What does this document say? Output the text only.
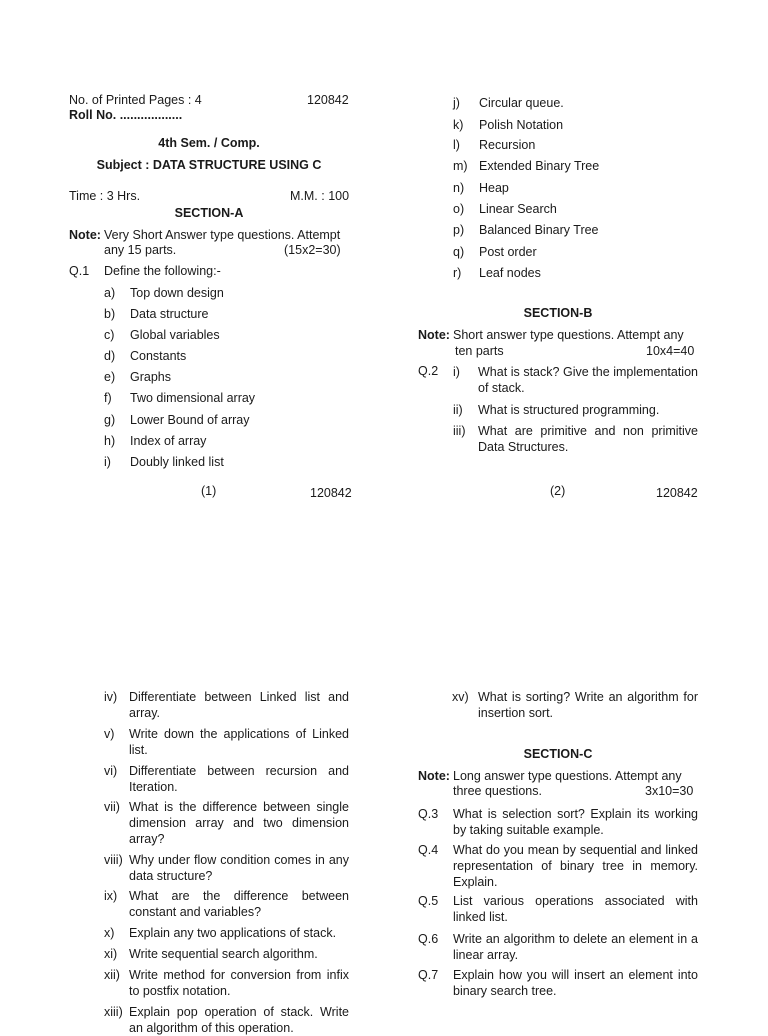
No. of Printed Pages : 4	120842
Roll No. ..................
4th Sem. / Comp.
Subject : DATA STRUCTURE USING C
Time : 3 Hrs.	M.M. : 100
SECTION-A
Note: Very Short Answer type questions. Attempt
any 15 parts.	(15x2=30)
Q.1 Define the following:-
a)	Top down design
b)	Data structure
c)	Global variables
d)	Constants
e)	Graphs
f)	Two dimensional array
g)	Lower Bound of array
h)	Index of array
i)	Doubly linked list
(1)	120842
j)	Circular queue.
k)	Polish Notation
l)	Recursion
m) Extended Binary Tree
n)	Heap
o)	Linear Search
p)	Balanced Binary Tree
q)	Post order
r)	Leaf nodes
SECTION-B
Note: Short answer type questions. Attempt any
ten parts	10x4=40
Q.2 i)	What is stack? Give the implementation of stack.
ii)	What is structured programming.
iii)	What are primitive and non primitive Data Structures.
(2)	120842
iv) Differentiate between Linked list and array.
v)	Write down the applications of Linked list.
vi) Differentiate between recursion and Iteration.
vii) What is the difference between single dimension array and two dimension array?
viii) Why under flow condition comes in any data structure?
ix) What are the difference between constant and variables?
x)	Explain any two applications of stack.
xi) Write sequential search algorithm.
xii) Write method for conversion from infix to postfix notation.
xiii) Explain pop operation of stack. Write an algorithm of this operation.
xv) What is sorting? Write an algorithm for insertion sort.
SECTION-C
Note: Long answer type questions. Attempt any
three questions.	3x10=30
Q.3	What is selection sort? Explain its working by taking suitable example.
Q.4	What do you mean by sequential and linked representation of binary tree in memory. Explain.
Q.5	List various operations associated with linked list.
Q.6	Write an algorithm to delete an element in a linear array.
Q.7	Explain how you will insert an element into binary search tree.
